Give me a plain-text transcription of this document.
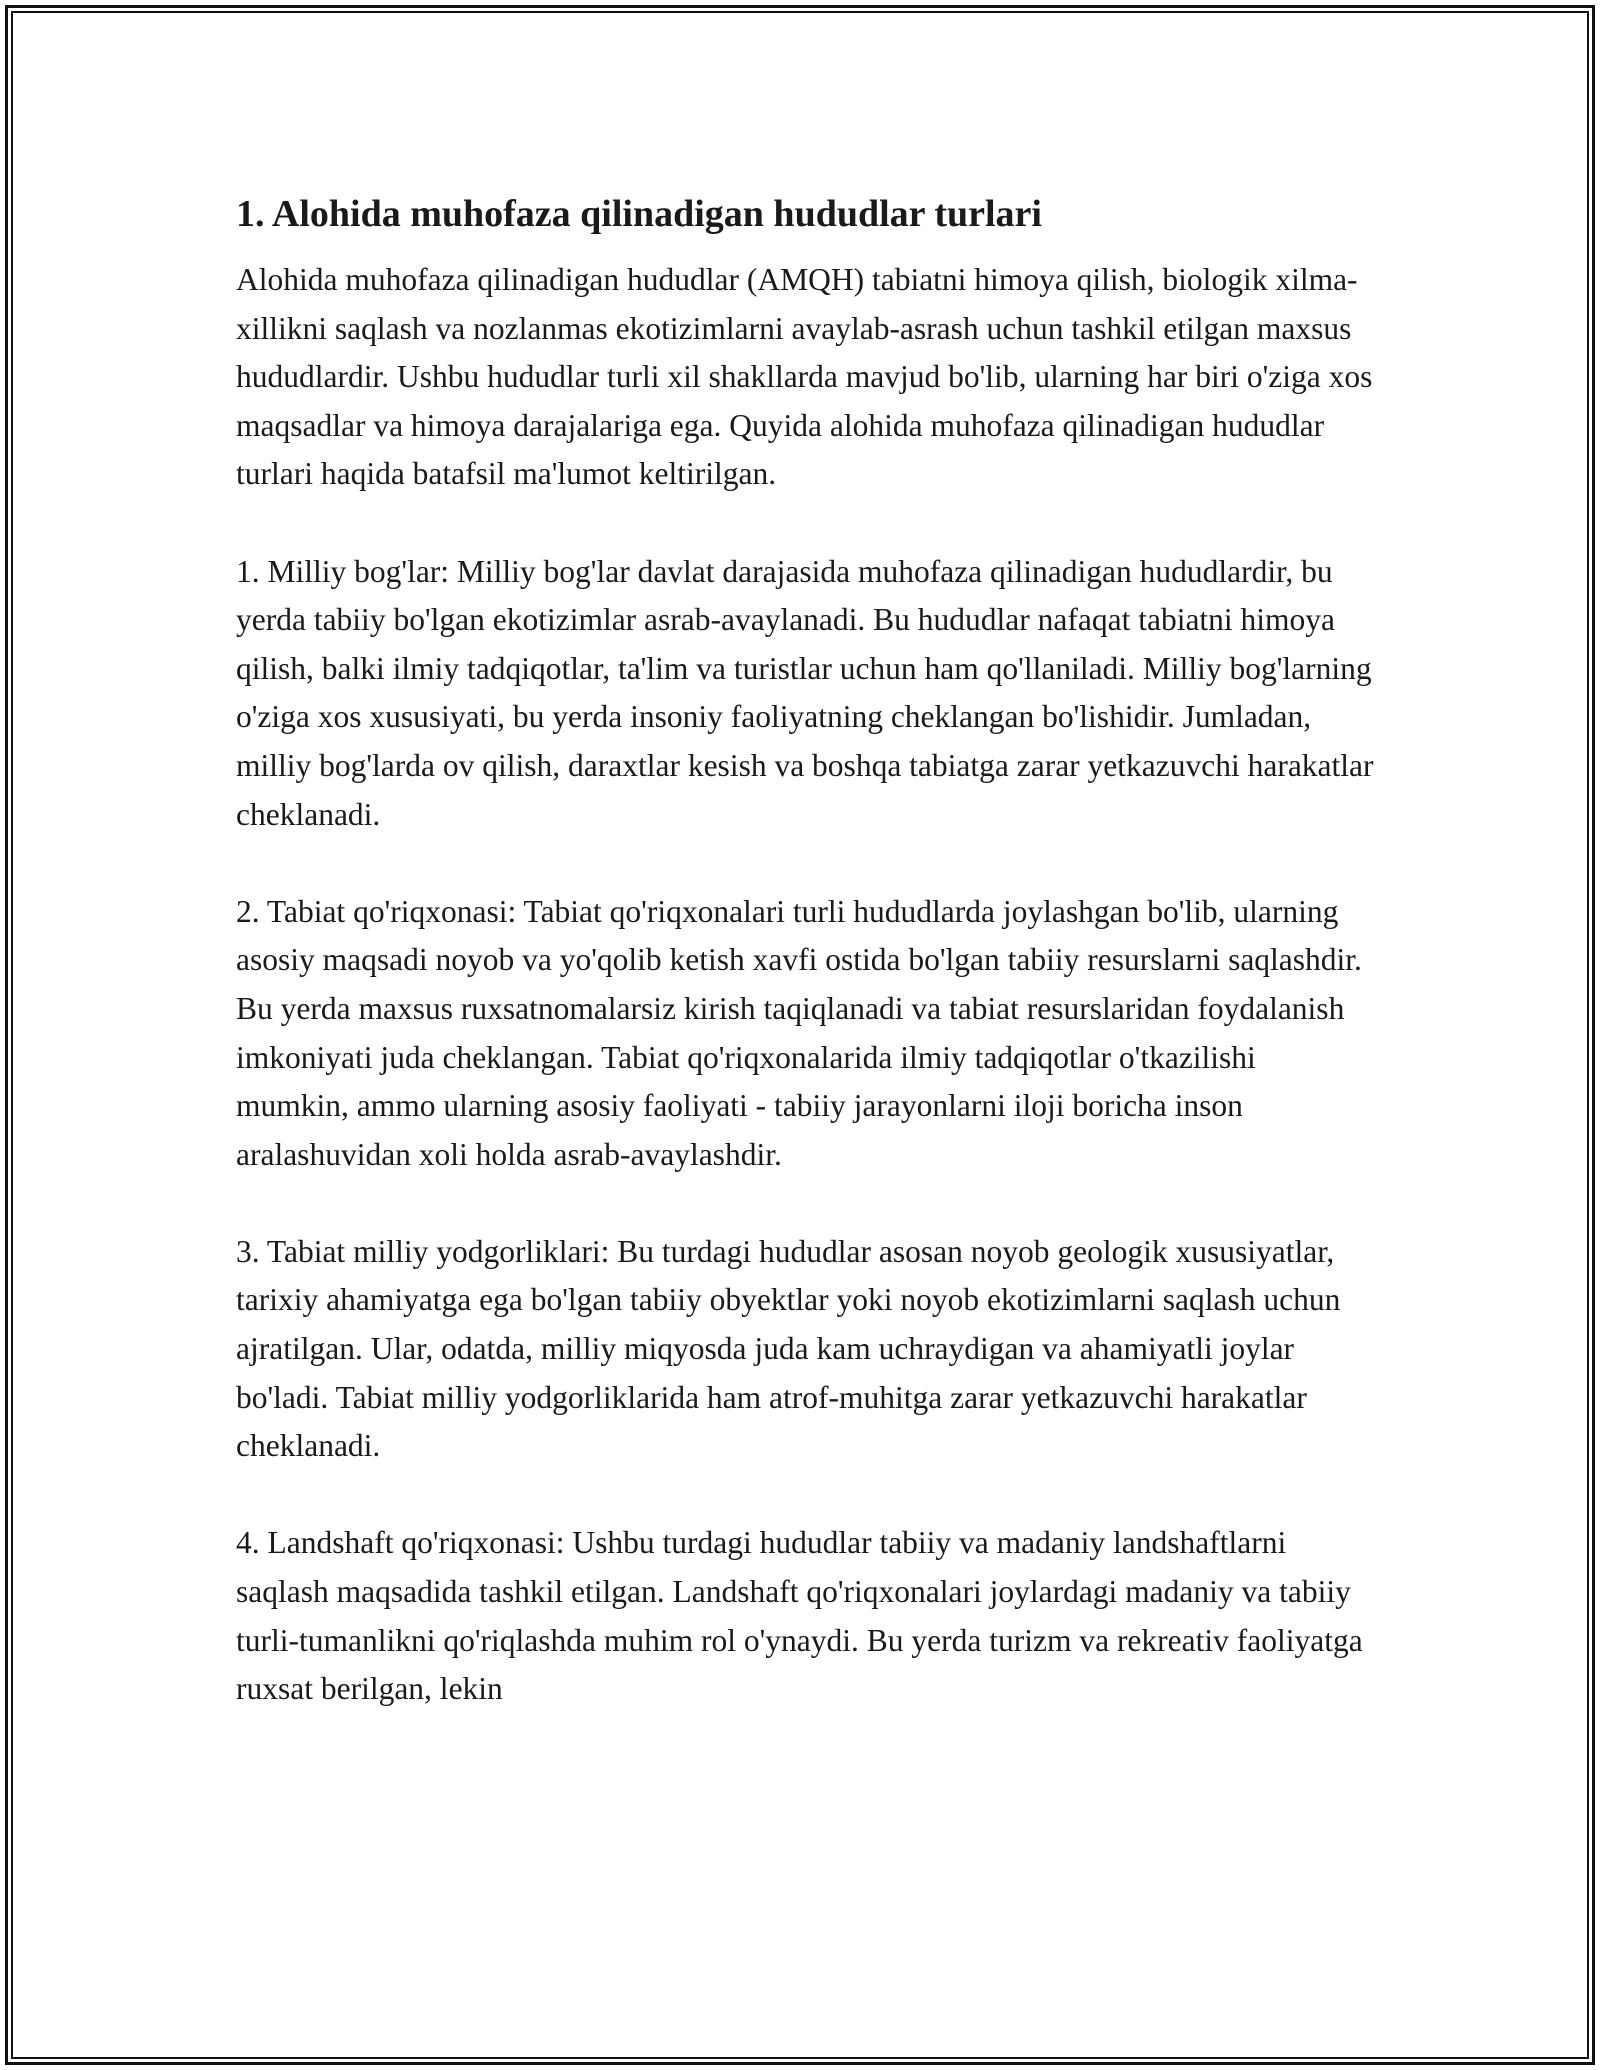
1. Alohida muhofaza qilinadigan hududlar turlari

Alohida muhofaza qilinadigan hududlar (AMQH) tabiatni himoya qilish, biologik xilma-xillikni saqlash va nozlanmas ekotizimlarni avaylab-asrash uchun tashkil etilgan maxsus hududlardir. Ushbu hududlar turli xil shakllarda mavjud bo'lib, ularning har biri o'ziga xos maqsadlar va himoya darajalariga ega. Quyida alohida muhofaza qilinadigan hududlar turlari haqida batafsil ma'lumot keltirilgan.

1. Milliy bog'lar: Milliy bog'lar davlat darajasida muhofaza qilinadigan hududlardir, bu yerda tabiiy bo'lgan ekotizimlar asrab-avaylanadi. Bu hududlar nafaqat tabiatni himoya qilish, balki ilmiy tadqiqotlar, ta'lim va turistlar uchun ham qo'llaniladi. Milliy bog'larning o'ziga xos xususiyati, bu yerda insoniy faoliyatning cheklangan bo'lishidir. Jumladan, milliy bog'larda ov qilish, daraxtlar kesish va boshqa tabiatga zarar yetkazuvchi harakatlar cheklanadi.

2. Tabiat qo'riqxonasi: Tabiat qo'riqxonalari turli hududlarda joylashgan bo'lib, ularning asosiy maqsadi noyob va yo'qolib ketish xavfi ostida bo'lgan tabiiy resurslarni saqlashdir. Bu yerda maxsus ruxsatnomalarsiz kirish taqiqlanadi va tabiat resurslaridan foydalanish imkoniyati juda cheklangan. Tabiat qo'riqxonalarida ilmiy tadqiqotlar o'tkazilishi mumkin, ammo ularning asosiy faoliyati - tabiiy jarayonlarni iloji boricha inson aralashuvidan xoli holda asrab-avaylashdir.

3. Tabiat milliy yodgorliklari: Bu turdagi hududlar asosan noyob geologik xususiyatlar, tarixiy ahamiyatga ega bo'lgan tabiiy obyektlar yoki noyob ekotizimlarni saqlash uchun ajratilgan. Ular, odatda, milliy miqyosda juda kam uchraydigan va ahamiyatli joylar bo'ladi. Tabiat milliy yodgorliklarida ham atrof-muhitga zarar yetkazuvchi harakatlar cheklanadi.

4. Landshaft qo'riqxonasi: Ushbu turdagi hududlar tabiiy va madaniy landshaftlarni saqlash maqsadida tashkil etilgan. Landshaft qo'riqxonalari joylardagi madaniy va tabiiy turli-tumanlikni qo'riqlashda muhim rol o'ynaydi. Bu yerda turizm va rekreativ faoliyatga ruxsat berilgan, lekin
